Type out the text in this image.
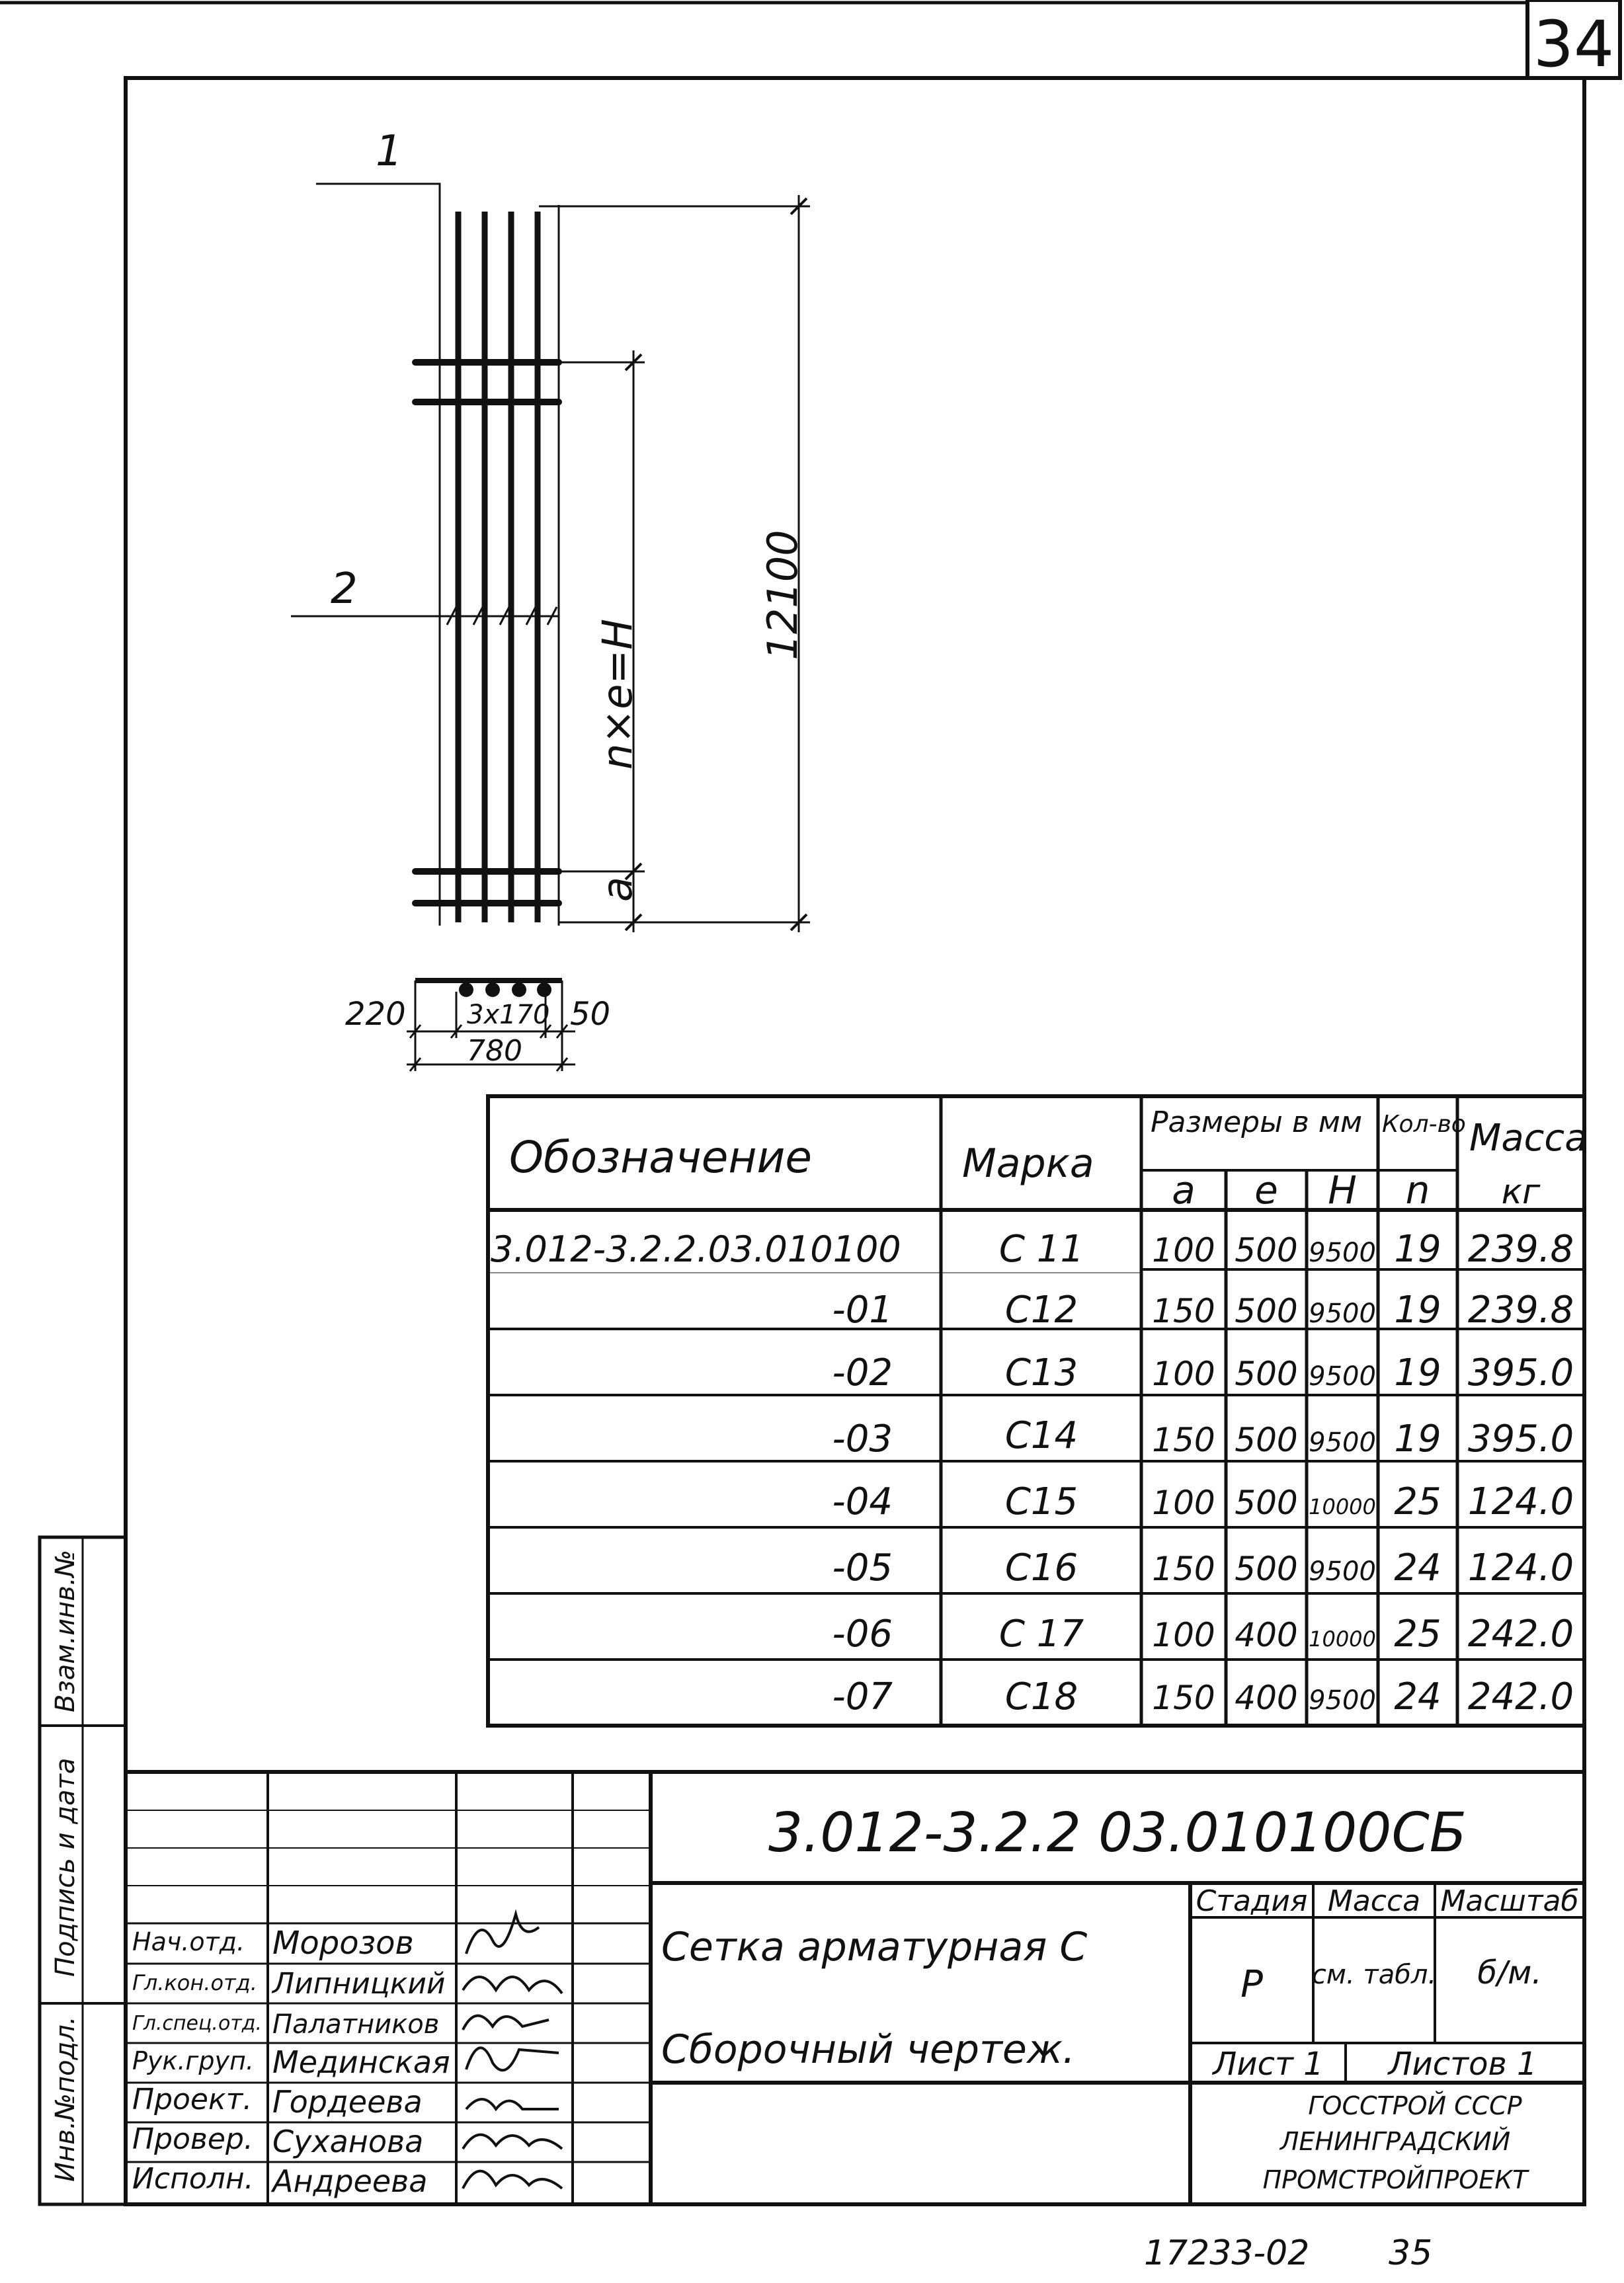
34
1
2	12100
n×e=H
a
220 3x170 50
780
Обозначение	Марка
Размеры в мм Кол-во Масса
a e H n кг
3.012-3.2.2.03.010100	С 11 100 500 9500 19 239.8
-01	С12 150 500 9500 19 239.8
-02	С13 100 500 9500 19 395.0
-03	С14 150 500 9500 19 395.0
-04	С15 100 500 10000 25 124.0
-05	С16 150 500 9500 24 124.0
-06	С 17 100 400 10000 25 242.0
-07	С18 150 400 9500 24 242.0
3.012-3.2.2 03.010100СБ
Сетка арматурная С
Сборочный чертеж.
Стадия Масса Масштаб
Р см. табл. б/м.
Лист 1 Листов 1
ГОССТРОЙ СССР
ЛЕНИНГРАДСКИЙ
ПРОМСТРОЙПРОЕКТ
Нач.отд. Морозов
Гл.кон.отд. Липницкий
Гл.спец.отд. Палатников
Рук.груп. Мединская
Проект. Гордеева
Провер. Суханова
Исполн. Андреева
Инв.№подл.
Подпись и дата
Взам.инв.№
17233-02 35
